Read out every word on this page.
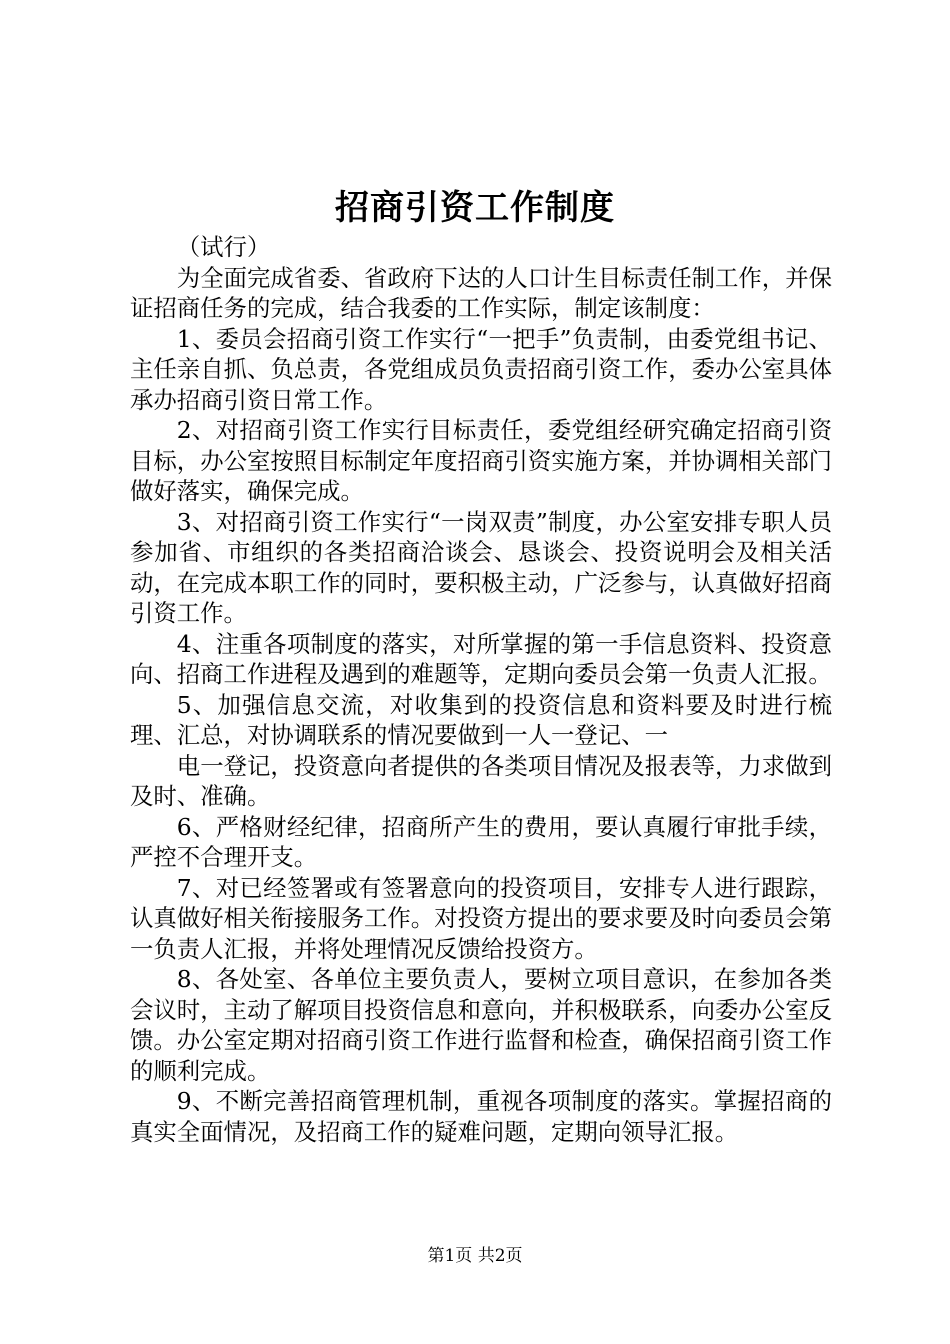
招商引资工作制度

（试行）

为全面完成省委、省政府下达的人口计生目标责任制工作，并保证招商任务的完成，结合我委的工作实际，制定该制度：

1、委员会招商引资工作实行“一把手”负责制，由委党组书记、主任亲自抓、负总责，各党组成员负责招商引资工作，委办公室具体承办招商引资日常工作。

2、对招商引资工作实行目标责任，委党组经研究确定招商引资目标，办公室按照目标制定年度招商引资实施方案，并协调相关部门做好落实，确保完成。

3、对招商引资工作实行“一岗双责”制度，办公室安排专职人员参加省、市组织的各类招商洽谈会、恳谈会、投资说明会及相关活动，在完成本职工作的同时，要积极主动，广泛参与，认真做好招商引资工作。

4、注重各项制度的落实，对所掌握的第一手信息资料、投资意向、招商工作进程及遇到的难题等，定期向委员会第一负责人汇报。

5、加强信息交流，对收集到的投资信息和资料要及时进行梳理、汇总，对协调联系的情况要做到一人一登记、一

电一登记，投资意向者提供的各类项目情况及报表等，力求做到及时、准确。

6、严格财经纪律，招商所产生的费用，要认真履行审批手续，严控不合理开支。

7、对已经签署或有签署意向的投资项目，安排专人进行跟踪，认真做好相关衔接服务工作。对投资方提出的要求要及时向委员会第一负责人汇报，并将处理情况反馈给投资方。

8、各处室、各单位主要负责人，要树立项目意识，在参加各类会议时，主动了解项目投资信息和意向，并积极联系，向委办公室反馈。办公室定期对招商引资工作进行监督和检查，确保招商引资工作的顺利完成。

9、不断完善招商管理机制，重视各项制度的落实。掌握招商的真实全面情况，及招商工作的疑难问题，定期向领导汇报。

第1页 共2页
